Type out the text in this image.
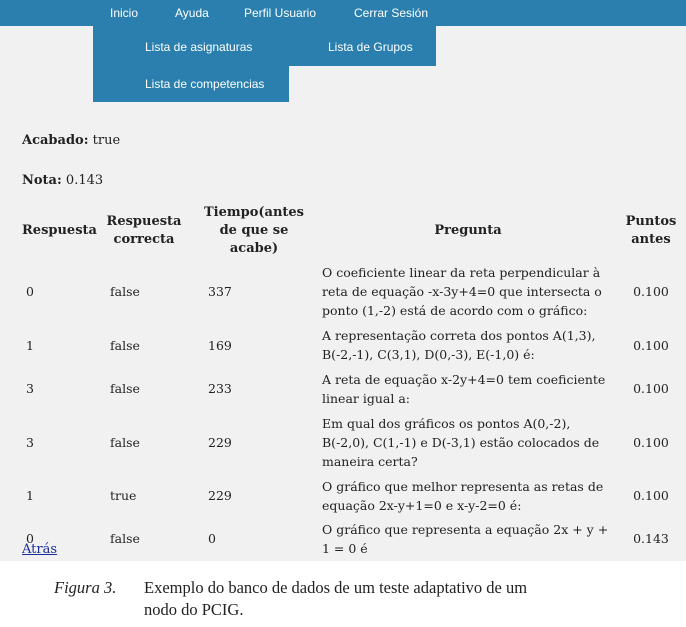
Inicio	Ayuda	Perfil Usuario	Cerrar Sesión
Lista de asignaturas	Lista de Grupos
Lista de competencias
Acabado: true
Nota: 0.143
Respuesta	Respuesta correcta	Tiempo(antes de que se acabe)	Pregunta	Puntos antes
0	false	337	O coeficiente linear da reta perpendicular à reta de equação -x-3y+4=0 que intersecta o ponto (1,-2) está de acordo com o gráfico:	0.100
1	false	169	A representação correta dos pontos A(1,3), B(-2,-1), C(3,1), D(0,-3), E(-1,0) é:	0.100
3	false	233	A reta de equação x-2y+4=0 tem coeficiente linear igual a:	0.100
3	false	229	Em qual dos gráficos os pontos A(0,-2), B(-2,0), C(1,-1) e D(-3,1) estão colocados de maneira certa?	0.100
1	true	229	O gráfico que melhor representa as retas de equação 2x-y+1=0 e x-y-2=0 é:	0.100
0	false	0	O gráfico que representa a equação 2x + y + 1 = 0 é	0.143
Atrás
Figura 3. Exemplo do banco de dados de um teste adaptativo de um
nodo do PCIG.
